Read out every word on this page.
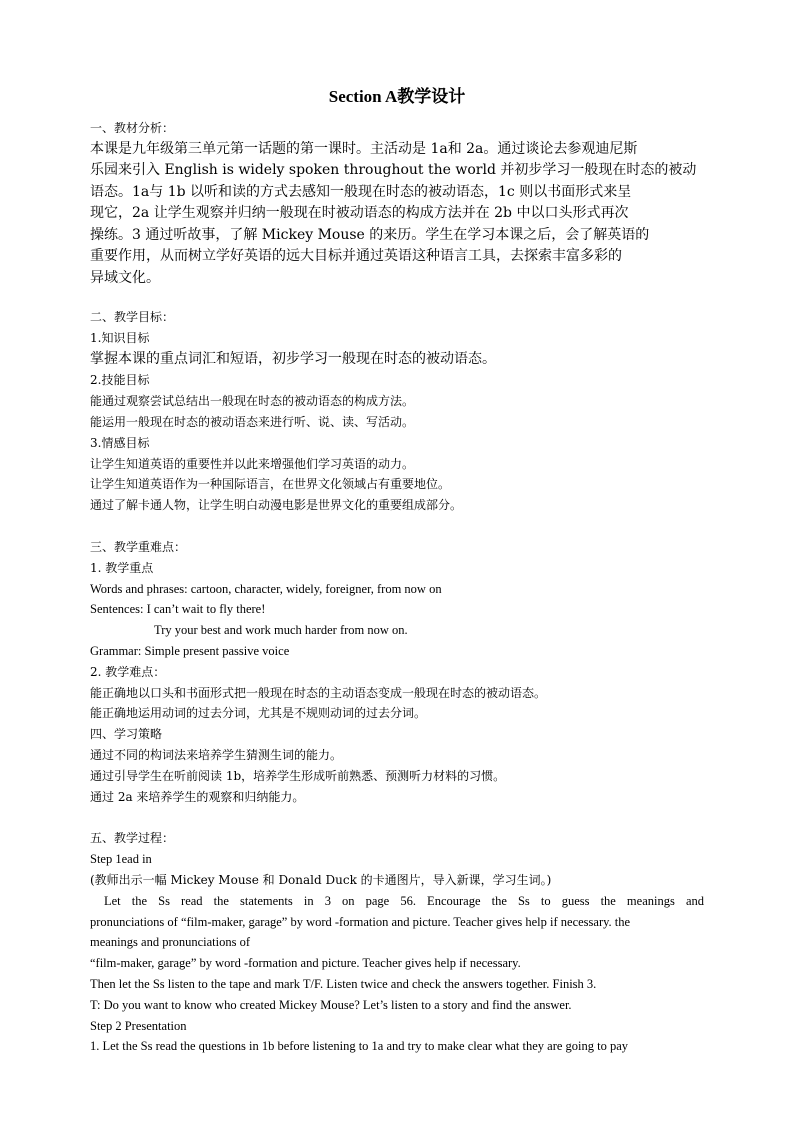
Section A教学设计
一、教材分析：
本课是九年级第三单元第一话题的第一课时。主活动是 1a和 2a。通过谈论去参观迪尼斯
乐园来引入 English is widely spoken throughout the world 并初步学习一般现在时态的被动
语态。1a与 1b 以听和读的方式去感知一般现在时态的被动语态，1c 则以书面形式来呈
现它，2a 让学生观察并归纳一般现在时被动语态的构成方法并在 2b 中以口头形式再次
操练。3 通过听故事，了解 Mickey Mouse 的来历。学生在学习本课之后，会了解英语的
重要作用，从而树立学好英语的远大目标并通过英语这种语言工具，去探索丰富多彩的
异域文化。
二、教学目标：
1.知识目标
掌握本课的重点词汇和短语，初步学习一般现在时态的被动语态。
2.技能目标
能通过观察尝试总结出一般现在时态的被动语态的构成方法。
能运用一般现在时态的被动语态来进行听、说、读、写活动。
3.情感目标
让学生知道英语的重要性并以此来增强他们学习英语的动力。
让学生知道英语作为一种国际语言，在世界文化领域占有重要地位。
通过了解卡通人物，让学生明白动漫电影是世界文化的重要组成部分。
三、教学重难点：
1. 教学重点
Words and phrases: cartoon, character, widely, foreigner, from now on
Sentences: I can’t wait to fly there!
Try your best and work much harder from now on.
Grammar: Simple present passive voice
2. 教学难点：
能正确地以口头和书面形式把一般现在时态的主动语态变成一般现在时态的被动语态。
能正确地运用动词的过去分词，尤其是不规则动词的过去分词。
四、学习策略
通过不同的构词法来培养学生猜测生词的能力。
通过引导学生在听前阅读 1b，培养学生形成听前熟悉、预测听力材料的习惯。
通过 2a 来培养学生的观察和归纳能力。
五、教学过程：
Step 1ead in
(教师出示一幅 Mickey Mouse 和 Donald Duck 的卡通图片，导入新课，学习生词。)
Let the Ss read the statements in 3 on page 56. Encourage the Ss to guess the meanings and
pronunciations of “film-maker, garage” by word -formation and picture. Teacher gives help if necessary. the
meanings and pronunciations of
“film-maker, garage” by word -formation and picture. Teacher gives help if necessary.
Then let the Ss listen to the tape and mark T/F. Listen twice and check the answers together. Finish 3.
T: Do you want to know who created Mickey Mouse? Let’s listen to a story and find the answer.
Step 2 Presentation
1. Let the Ss read the questions in 1b before listening to 1a and try to make clear what they are going to pay
